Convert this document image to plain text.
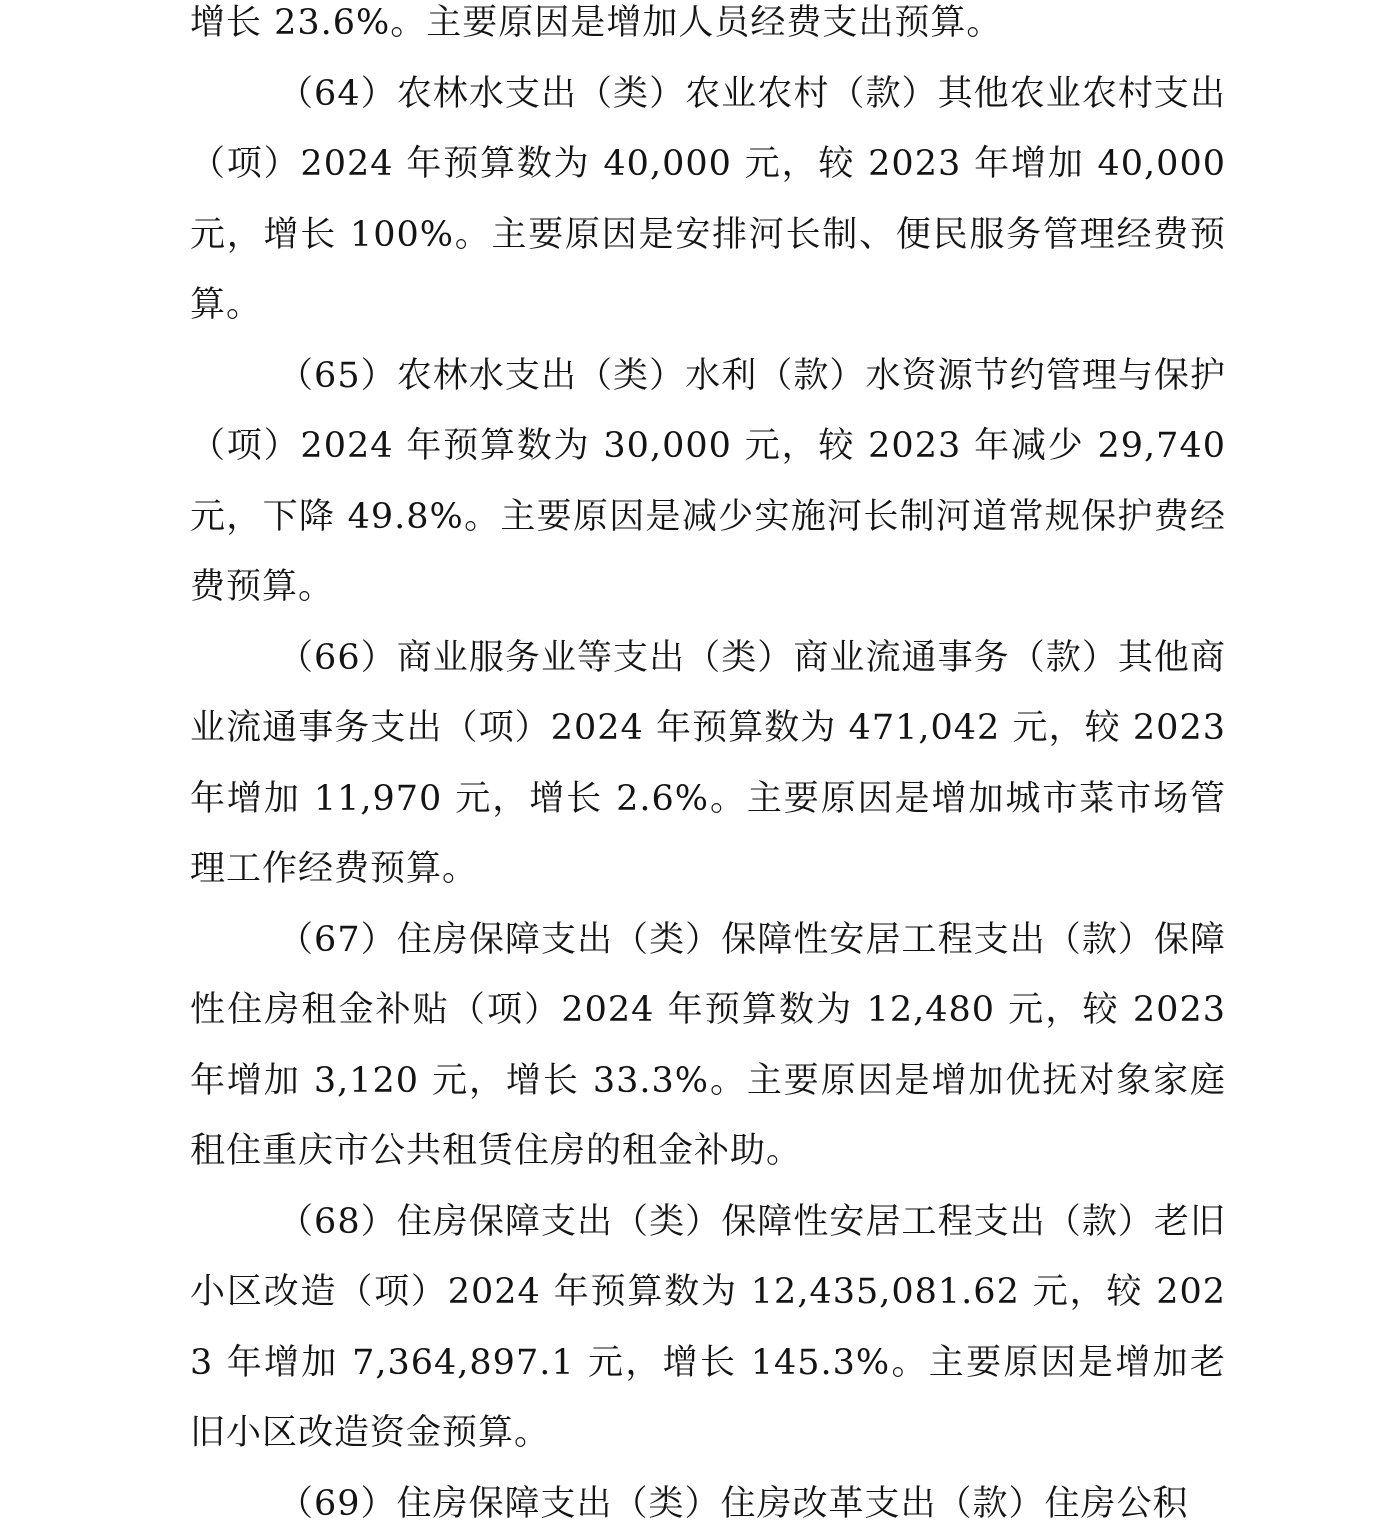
增长 23.6%。主要原因是增加人员经费支出预算。

（64）农林水支出（类）农业农村（款）其他农业农村支出（项）2024 年预算数为 40,000 元，较 2023 年增加 40,000 元，增长 100%。主要原因是安排河长制、便民服务管理经费预算。

（65）农林水支出（类）水利（款）水资源节约管理与保护（项）2024 年预算数为 30,000 元，较 2023 年减少 29,740 元，下降 49.8%。主要原因是减少实施河长制河道常规保护费经费预算。

（66）商业服务业等支出（类）商业流通事务（款）其他商业流通事务支出（项）2024 年预算数为 471,042 元，较 2023 年增加 11,970 元，增长 2.6%。主要原因是增加城市菜市场管理工作经费预算。

（67）住房保障支出（类）保障性安居工程支出（款）保障性住房租金补贴（项）2024 年预算数为 12,480 元，较 2023 年增加 3,120 元，增长 33.3%。主要原因是增加优抚对象家庭租住重庆市公共租赁住房的租金补助。

（68）住房保障支出（类）保障性安居工程支出（款）老旧小区改造（项）2024 年预算数为 12,435,081.62 元，较 2023 年增加 7,364,897.1 元，增长 145.3%。主要原因是增加老旧小区改造资金预算。

（69）住房保障支出（类）住房改革支出（款）住房公积
